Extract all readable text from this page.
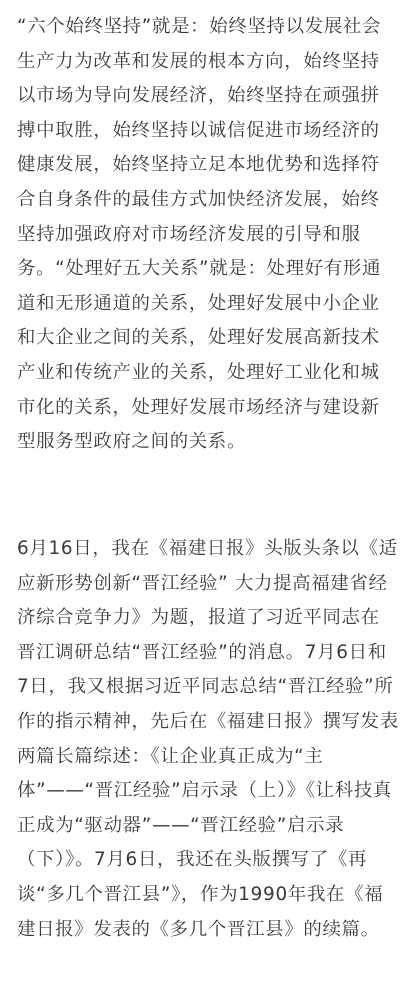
“六个始终坚持”就是：始终坚持以发展社会
生产力为改革和发展的根本方向，始终坚持
以市场为导向发展经济，始终坚持在顽强拼
搏中取胜，始终坚持以诚信促进市场经济的
健康发展，始终坚持立足本地优势和选择符
合自身条件的最佳方式加快经济发展，始终
坚持加强政府对市场经济发展的引导和服
务。“处理好五大关系”就是：处理好有形通
道和无形通道的关系，处理好发展中小企业
和大企业之间的关系，处理好发展高新技术
产业和传统产业的关系，处理好工业化和城
市化的关系，处理好发展市场经济与建设新
型服务型政府之间的关系。

6月16日，我在《福建日报》头版头条以《适
应新形势创新“晋江经验” 大力提高福建省经
济综合竞争力》为题，报道了习近平同志在
晋江调研总结“晋江经验”的消息。7月6日和
7日，我又根据习近平同志总结“晋江经验”所
作的指示精神，先后在《福建日报》撰写发表
两篇长篇综述：《让企业真正成为“主
体”——“晋江经验”启示录（上）》《让科技真
正成为“驱动器”——“晋江经验”启示录
（下）》。7月6日，我还在头版撰写了《再
谈“多几个晋江县”》，作为1990年我在《福
建日报》发表的《多几个晋江县》的续篇。
